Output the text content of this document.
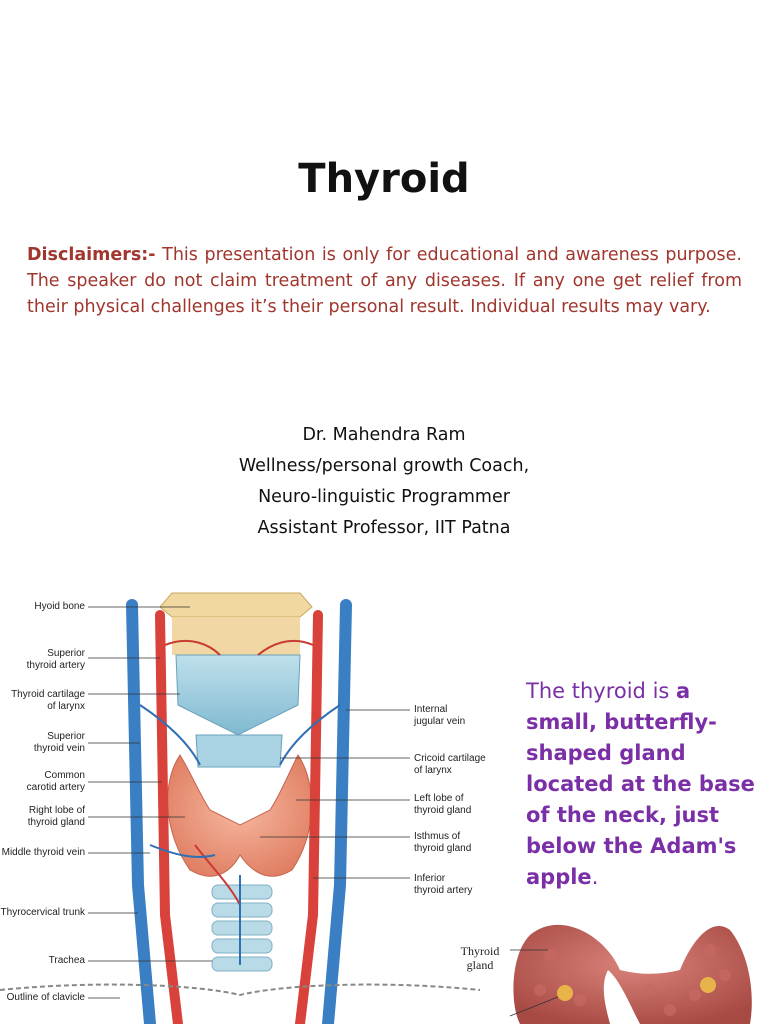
Thyroid
Disclaimers:- This presentation is only for educational and awareness purpose. The speaker do not claim treatment of any diseases. If any one get relief from their physical challenges it’s their personal result. Individual results may vary.
Dr. Mahendra Ram
Wellness/personal growth Coach,
Neuro-linguistic Programmer
Assistant Professor, IIT Patna
Hyoid bone
Superior
thyroid artery
Thyroid cartilage
of larynx
Superior
thyroid vein
Common
carotid artery
Right lobe of
thyroid gland
Middle thyroid vein
Thyrocervical trunk
Trachea
Outline of clavicle
Internal
jugular vein
Cricoid cartilage
of larynx
Left lobe of
thyroid gland
Isthmus of
thyroid gland
Inferior
thyroid artery
The thyroid is a small, butterfly-shaped gland located at the base of the neck, just below the Adam's apple.
Thyroid
gland
